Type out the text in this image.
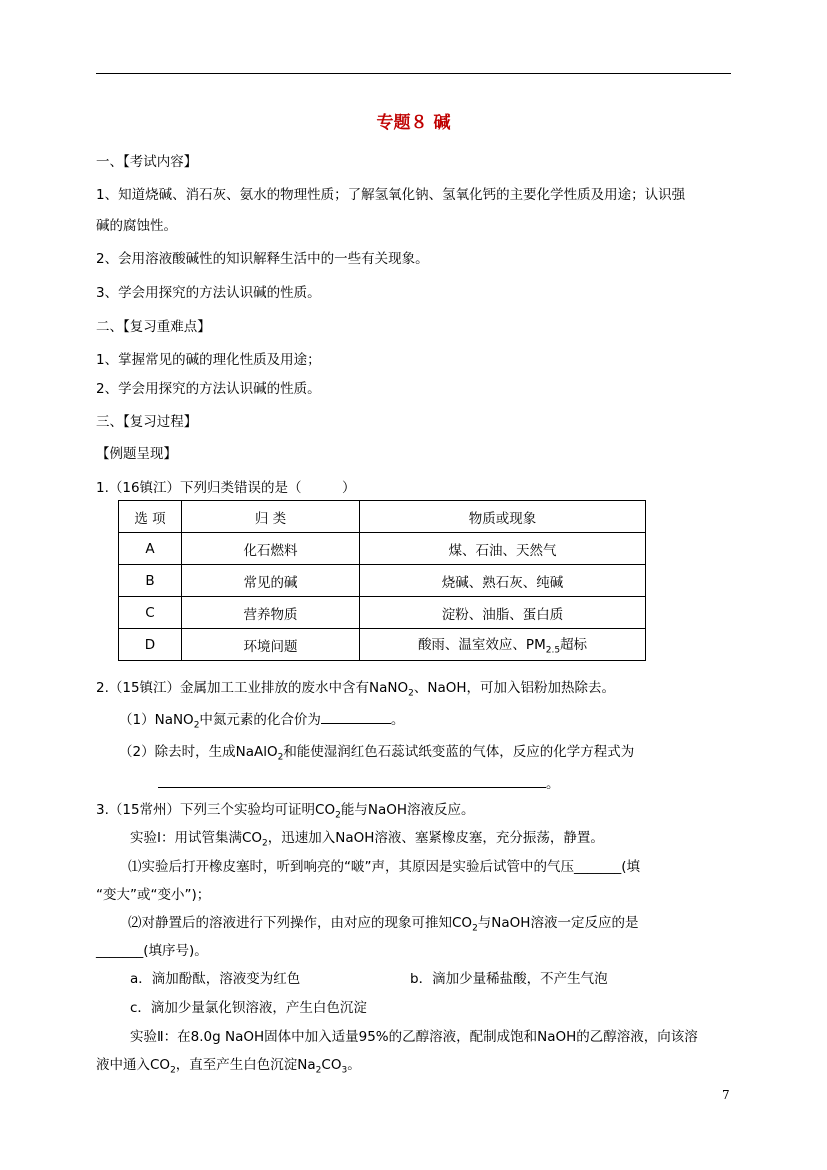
专题８ 碱
一、【考试内容】
1、知道烧碱、消石灰、氨水的物理性质；了解氢氧化钠、氢氧化钙的主要化学性质及用途；认识强
碱的腐蚀性。
2、会用溶液酸碱性的知识解释生活中的一些有关现象。
3、学会用探究的方法认识碱的性质。
二、【复习重难点】
1、掌握常见的碱的理化性质及用途；
2、学会用探究的方法认识碱的性质。
三、【复习过程】
【例题呈现】
1.（16镇江）下列归类错误的是（　　　）
选 项	归 类	物质或现象
A	化石燃料	煤、石油、天然气
B	常见的碱	烧碱、熟石灰、纯碱
C	营养物质	淀粉、油脂、蛋白质
D	环境问题	酸雨、温室效应、$PM_{2.5}$超标
2.（15镇江）金属加工工业排放的废水中含有NaNO$_2$、NaOH，可加入铝粉加热除去。
（1）NaNO$_2$中氮元素的化合价为	。
（2）除去时，生成NaAlO$_2$和能使湿润红色石蕊试纸变蓝的气体，反应的化学方程式为
。
3.（15常州）下列三个实验均可证明$CO_2$能与NaOH溶液反应。
实验Ⅰ：用试管集满$CO_2$，迅速加入NaOH溶液、塞紧橡皮塞，充分振荡，静置。
⑴实验后打开橡皮塞时，听到响亮的“啵”声，其原因是实验后试管中的气压_______(填
“变大”或“变小”)；
⑵对静置后的溶液进行下列操作，由对应的现象可推知$CO_2$与NaOH溶液一定反应的是
_______(填序号)。
a．滴加酚酞，溶液变为红色	b．滴加少量稀盐酸，不产生气泡
c．滴加少量氯化钡溶液，产生白色沉淀
实验Ⅱ：在8.0g NaOH固体中加入适量95%的乙醇溶液，配制成饱和NaOH的乙醇溶液，向该溶
液中通入$CO_2$，直至产生白色沉淀$Na_2CO_3$。
7
